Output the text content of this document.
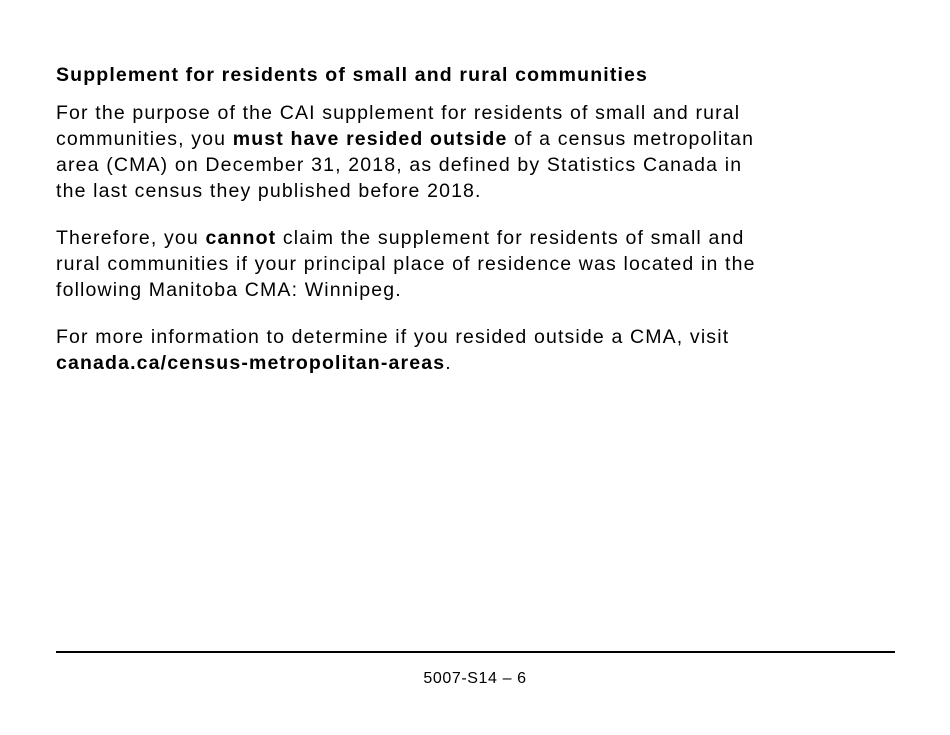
Supplement for residents of small and rural communities
For the purpose of the CAI supplement for residents of small and rural
communities, you must have resided outside of a census metropolitan
area (CMA) on December 31, 2018, as defined by Statistics Canada in
the last census they published before 2018.
Therefore, you cannot claim the supplement for residents of small and
rural communities if your principal place of residence was located in the
following Manitoba CMA: Winnipeg.
For more information to determine if you resided outside a CMA, visit
canada.ca/census-metropolitan-areas.
5007-S14 – 6
